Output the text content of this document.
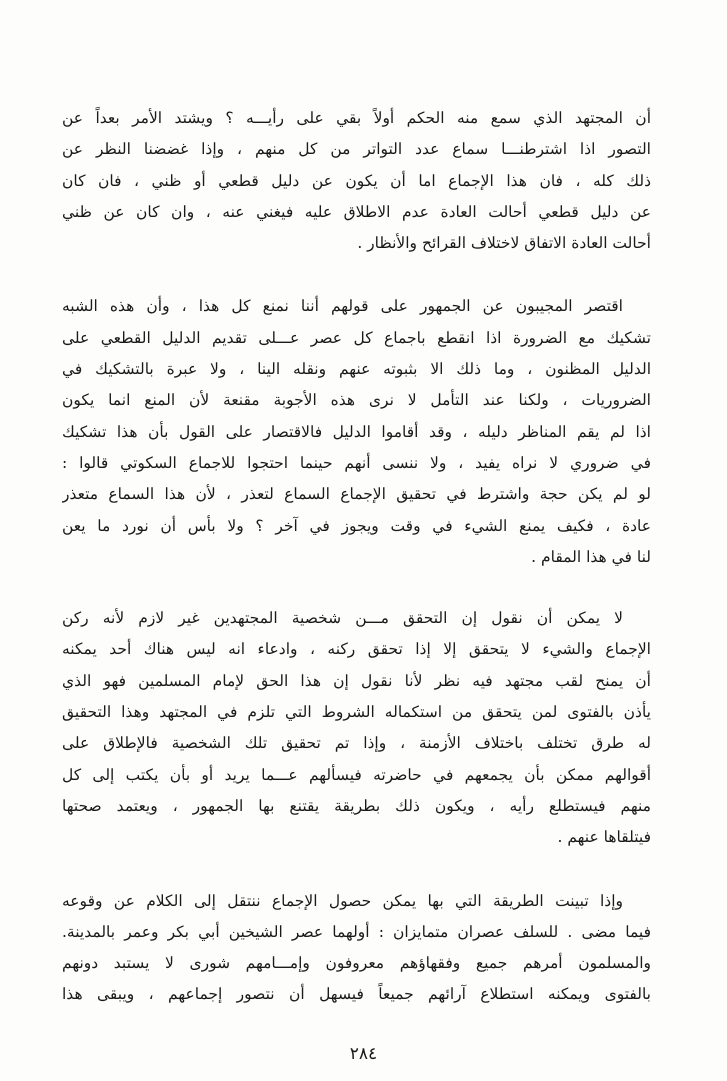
أن المجتهد الذي سمع منه الحكم أولاً بقي على رأيـــه ؟ ويشتد الأمر بعداً عن
التصور اذا اشترطنـــا سماع عدد التواتر من كل منهم ، وإذا غضضنا النظر عن
ذلك كله ، فان هذا الإجماع اما أن يكون عن دليل قطعي أو ظني ، فان كان
عن دليل قطعي أحالت العادة عدم الاطلاق عليه فيغني عنه ، وان كان عن ظني
أحالت العادة الاتفاق لاختلاف القرائح والأنظار .
اقتصر المجيبون عن الجمهور على قولهم أننا نمنع كل هذا ، وأن هذه الشبه
تشكيك مع الضرورة اذا انقطع باجماع كل عصر عـــلى تقديم الدليل القطعي على
الدليل المظنون ، وما ذلك الا بثبوته عنهم ونقله الينا ، ولا عبرة بالتشكيك في
الضروريات ، ولكنا عند التأمل لا نرى هذه الأجوبة مقنعة لأن المنع انما يكون
اذا لم يقم المناظر دليله ، وقد أقاموا الدليل فالاقتصار على القول بأن هذا تشكيك
في ضروري لا نراه يفيد ، ولا ننسى أنهم حينما احتجوا للاجماع السكوتي قالوا :
لو لم يكن حجة واشترط في تحقيق الإجماع السماع لتعذر ، لأن هذا السماع متعذر
عادة ، فكيف يمنع الشيء في وقت ويجوز في آخر ؟ ولا بأس أن نورد ما يعن
لنا في هذا المقام .
لا يمكن أن نقول إن التحقق مـــن شخصية المجتهدين غير لازم لأنه ركن
الإجماع والشيء لا يتحقق إلا إذا تحقق ركنه ، وادعاء انه ليس هناك أحد يمكنه
أن يمنح لقب مجتهد فيه نظر لأنا نقول إن هذا الحق لإمام المسلمين فهو الذي
يأذن بالفتوى لمن يتحقق من استكماله الشروط التي تلزم في المجتهد وهذا التحقيق
له طرق تختلف باختلاف الأزمنة ، وإذا تم تحقيق تلك الشخصية فالإطلاق على
أقوالهم ممكن بأن يجمعهم في حاضرته فيسألهم عـــما يريد أو بأن يكتب إلى كل
منهم فيستطلع رأيه ، ويكون ذلك بطريقة يقتنع بها الجمهور ، ويعتمد صحتها
فيتلقاها عنهم .
وإذا تبينت الطريقة التي بها يمكن حصول الإجماع ننتقل إلى الكلام عن وقوعه
فيما مضى . للسلف عصران متمايزان : أولهما عصر الشيخين أبي بكر وعمر بالمدينة.
والمسلمون أمرهم جميع وفقهاؤهم معروفون وإمـــامهم شورى لا يستبد دونهم
بالفتوى ويمكنه استطلاع آرائهم جميعاً فيسهل أن نتصور إجماعهم ، ويبقى هذا
٢٨٤
